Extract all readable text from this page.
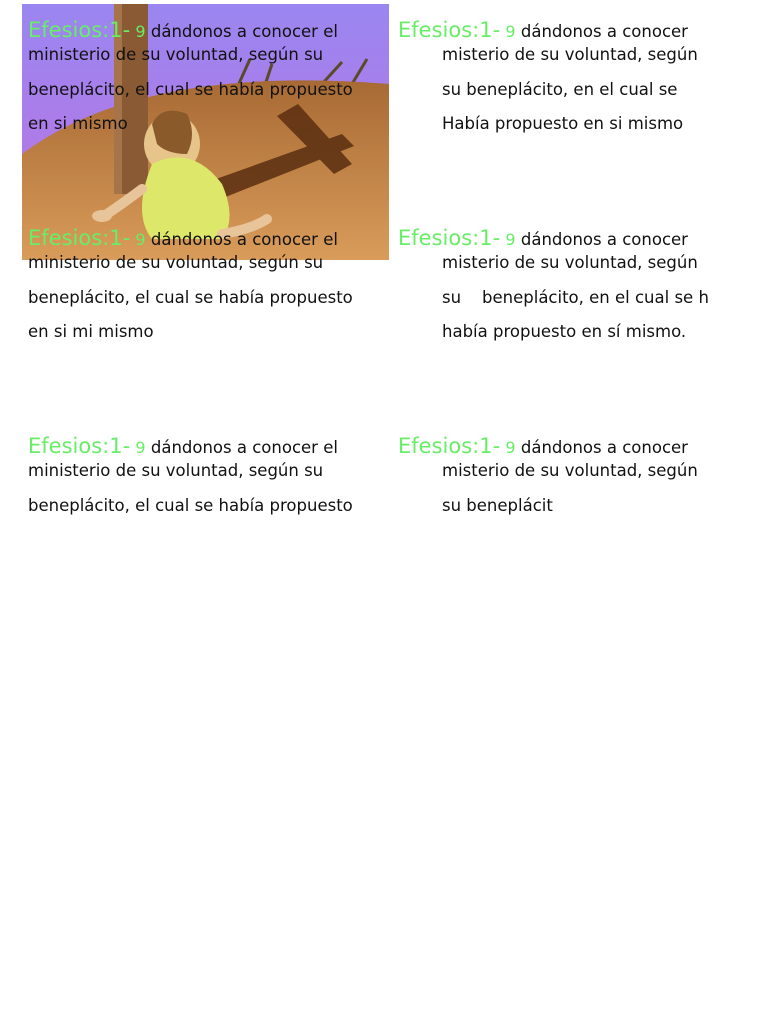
Efesios:1- 9 dándonos a conocer el
ministerio de su voluntad, según su
beneplácito, el cual se había propuesto
en si mismo
Efesios:1- 9 dándonos a conocer
misterio de su voluntad, según
su beneplácito, en el cual se
Había propuesto en si mismo
Efesios:1- 9 dándonos a conocer el
ministerio de su voluntad, según su
beneplácito, el cual se había propuesto
en si mi mismo
Efesios:1- 9 dándonos a conocer
misterio de su voluntad, según
su    beneplácito, en el cual se h
había propuesto en sí mismo.
Efesios:1- 9 dándonos a conocer el
ministerio de su voluntad, según su
beneplácito, el cual se había propuesto
Efesios:1- 9 dándonos a conocer
misterio de su voluntad, según
su beneplácit
